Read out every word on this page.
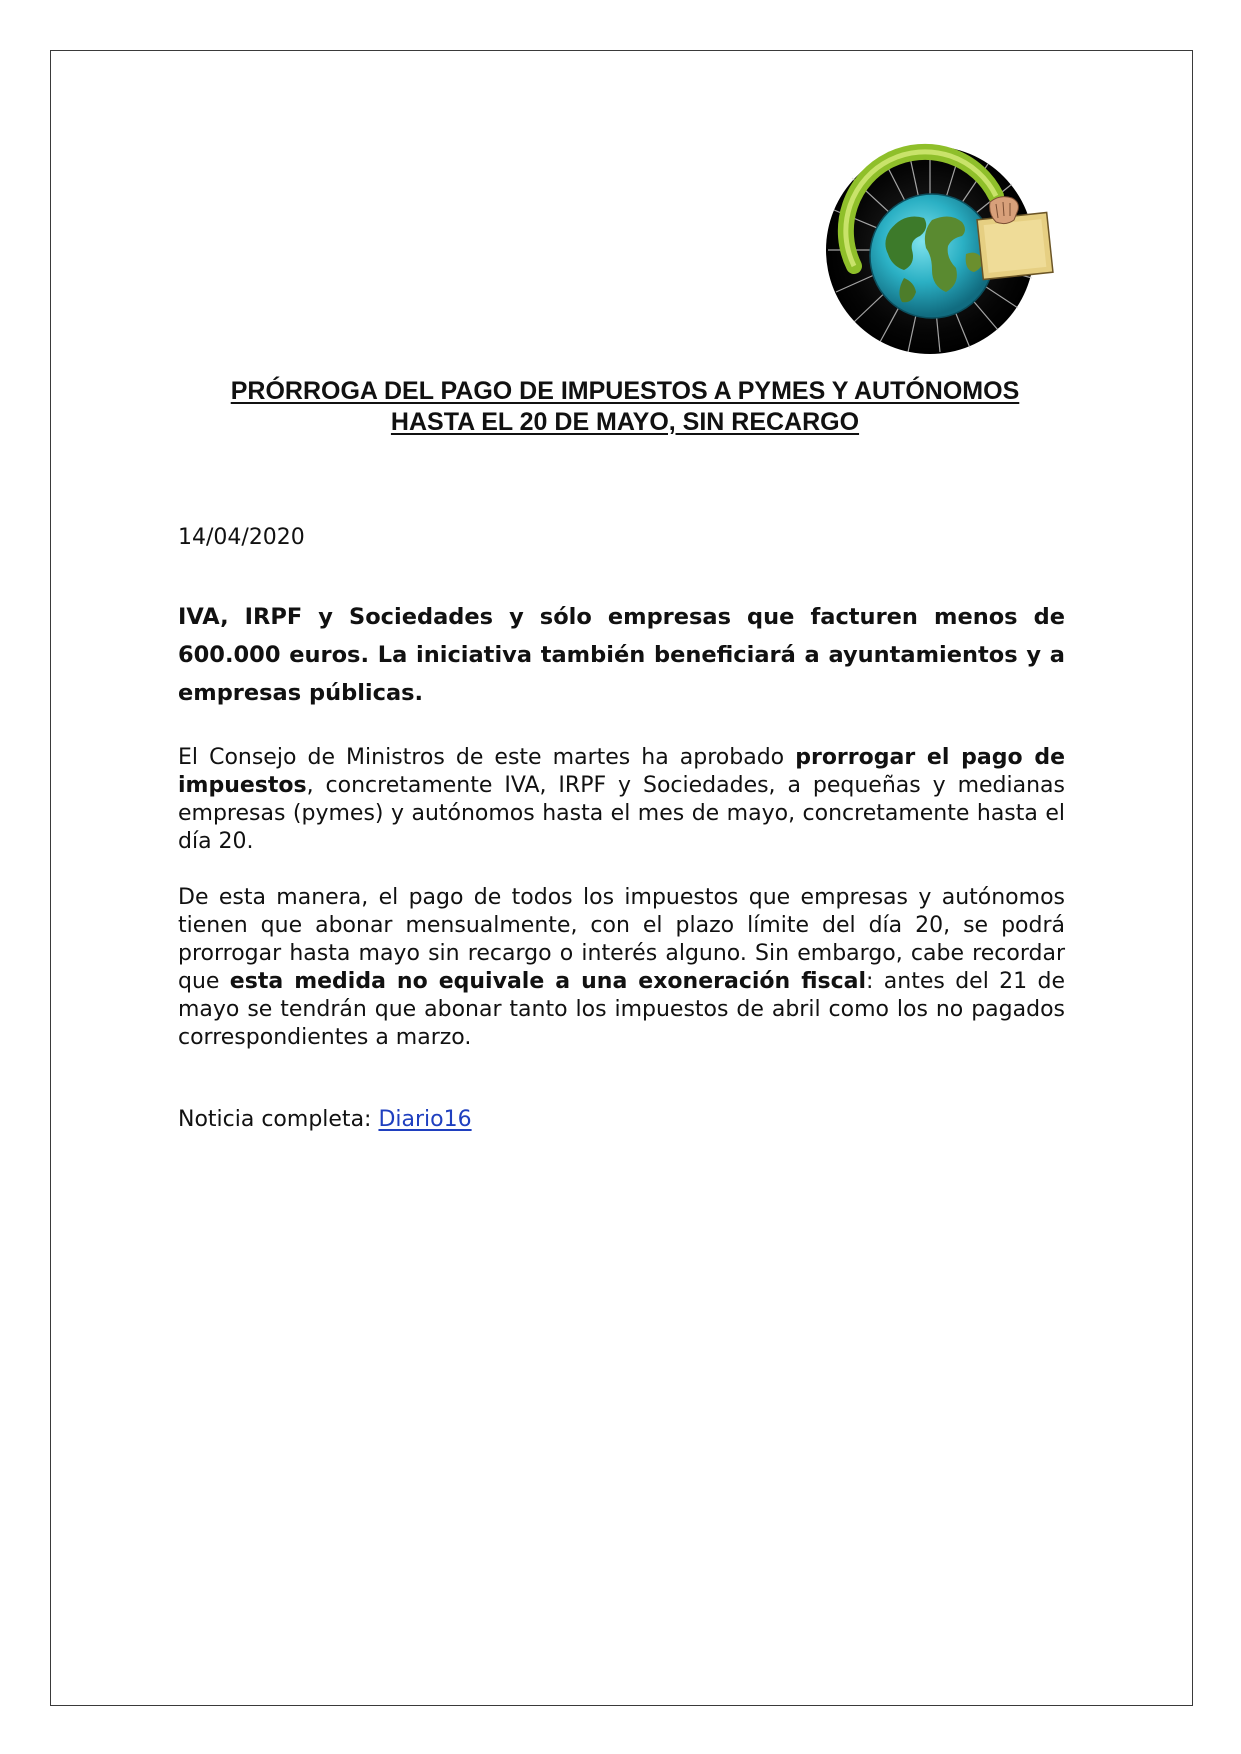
PRÓRROGA DEL PAGO DE IMPUESTOS A PYMES Y AUTÓNOMOS
HASTA EL 20 DE MAYO, SIN RECARGO
14/04/2020
IVA, IRPF y Sociedades y sólo empresas que facturen menos de 600.000 euros. La iniciativa también beneficiará a ayuntamientos y a empresas públicas.
El Consejo de Ministros de este martes ha aprobado prorrogar el pago de impuestos, concretamente IVA, IRPF y Sociedades, a pequeñas y medianas empresas (pymes) y autónomos hasta el mes de mayo, concretamente hasta el día 20.
De esta manera, el pago de todos los impuestos que empresas y autónomos tienen que abonar mensualmente, con el plazo límite del día 20, se podrá prorrogar hasta mayo sin recargo o interés alguno. Sin embargo, cabe recordar que esta medida no equivale a una exoneración fiscal: antes del 21 de mayo se tendrán que abonar tanto los impuestos de abril como los no pagados correspondientes a marzo.
Noticia completa: Diario16
